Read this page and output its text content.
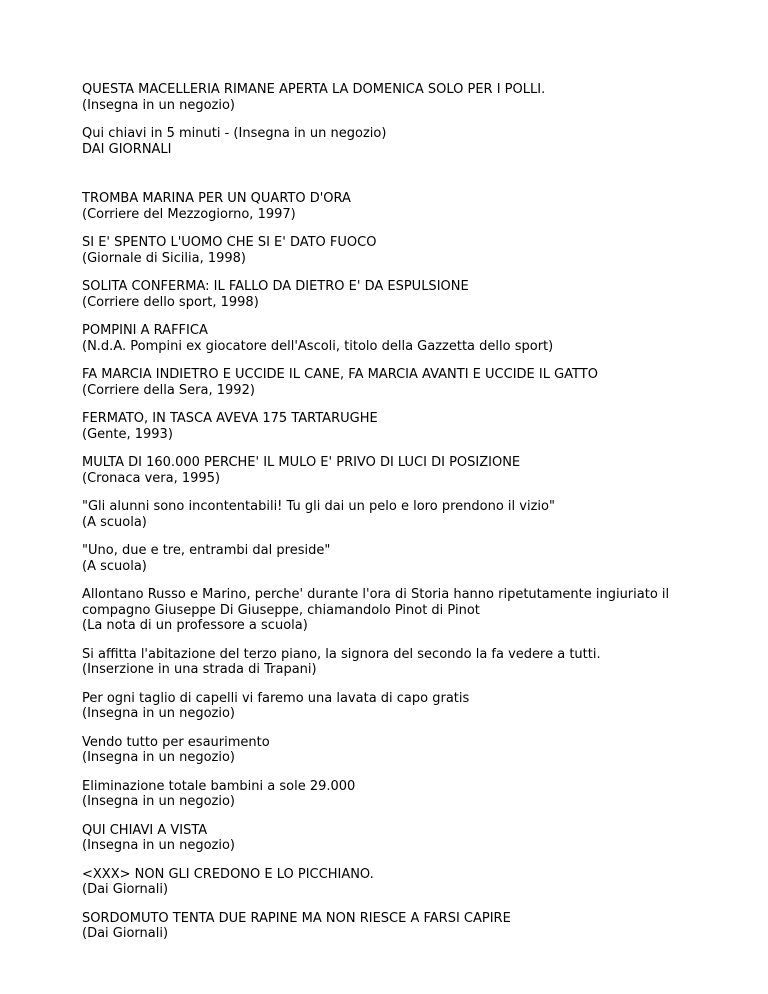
QUESTA MACELLERIA RIMANE APERTA LA DOMENICA SOLO PER I POLLI.
(Insegna in un negozio)
Qui chiavi in 5 minuti - (Insegna in un negozio)
DAI GIORNALI
TROMBA MARINA PER UN QUARTO D'ORA
(Corriere del Mezzogiorno, 1997)
SI E' SPENTO L'UOMO CHE SI E' DATO FUOCO
(Giornale di Sicilia, 1998)
SOLITA CONFERMA: IL FALLO DA DIETRO E' DA ESPULSIONE
(Corriere dello sport, 1998)
POMPINI A RAFFICA
(N.d.A. Pompini ex giocatore dell'Ascoli, titolo della Gazzetta dello sport)
FA MARCIA INDIETRO E UCCIDE IL CANE, FA MARCIA AVANTI E UCCIDE IL GATTO
(Corriere della Sera, 1992)
FERMATO, IN TASCA AVEVA 175 TARTARUGHE
(Gente, 1993)
MULTA DI 160.000 PERCHE' IL MULO E' PRIVO DI LUCI DI POSIZIONE
(Cronaca vera, 1995)
"Gli alunni sono incontentabili! Tu gli dai un pelo e loro prendono il vizio"
(A scuola)
"Uno, due e tre, entrambi dal preside"
(A scuola)
Allontano Russo e Marino, perche' durante l'ora di Storia hanno ripetutamente ingiuriato il
compagno Giuseppe Di Giuseppe, chiamandolo Pinot di Pinot
(La nota di un professore a scuola)
Si affitta l'abitazione del terzo piano, la signora del secondo la fa vedere a tutti.
(Inserzione in una strada di Trapani)
Per ogni taglio di capelli vi faremo una lavata di capo gratis
(Insegna in un negozio)
Vendo tutto per esaurimento
(Insegna in un negozio)
Eliminazione totale bambini a sole 29.000
(Insegna in un negozio)
QUI CHIAVI A VISTA
(Insegna in un negozio)
<XXX> NON GLI CREDONO E LO PICCHIANO.
(Dai Giornali)
SORDOMUTO TENTA DUE RAPINE MA NON RIESCE A FARSI CAPIRE
(Dai Giornali)
